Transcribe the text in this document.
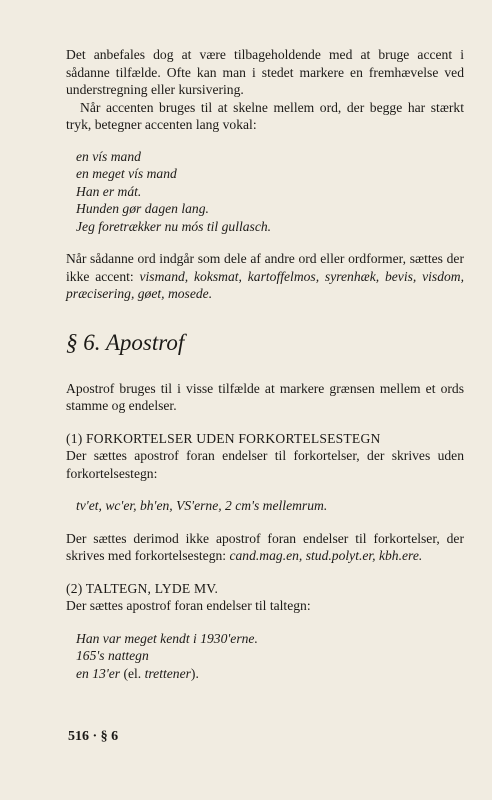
Det anbefales dog at være tilbageholdende med at bruge accent i sådanne tilfælde. Ofte kan man i stedet markere en fremhævelse ved understregning eller kursivering.

Når accenten bruges til at skelne mellem ord, der begge har stærkt tryk, betegner accenten lang vokal:

en vís mand
en meget vís mand
Han er mát.
Hunden gør dagen lang.
Jeg foretrækker nu mós til gullasch.

Når sådanne ord indgår som dele af andre ord eller ordformer, sættes der ikke accent: vismand, koksmat, kartoffelmos, syrenhæk, bevis, visdom, præcisering, gøet, mosede.

§ 6. Apostrof

Apostrof bruges til i visse tilfælde at markere grænsen mellem et ords stamme og endelser.

(1) FORKORTELSER UDEN FORKORTELSESTEGN

Der sættes apostrof foran endelser til forkortelser, der skrives uden forkortelsestegn:

tv'et, wc'er, bh'en, VS'erne, 2 cm's mellemrum.

Der sættes derimod ikke apostrof foran endelser til forkortelser, der skrives med forkortelsestegn: cand.mag.en, stud.polyt.er, kbh.ere.

(2) TALTEGN, LYDE MV.

Der sættes apostrof foran endelser til taltegn:

Han var meget kendt i 1930'erne.
165's nattegn
en 13'er (el. trettener).
516 · § 6
